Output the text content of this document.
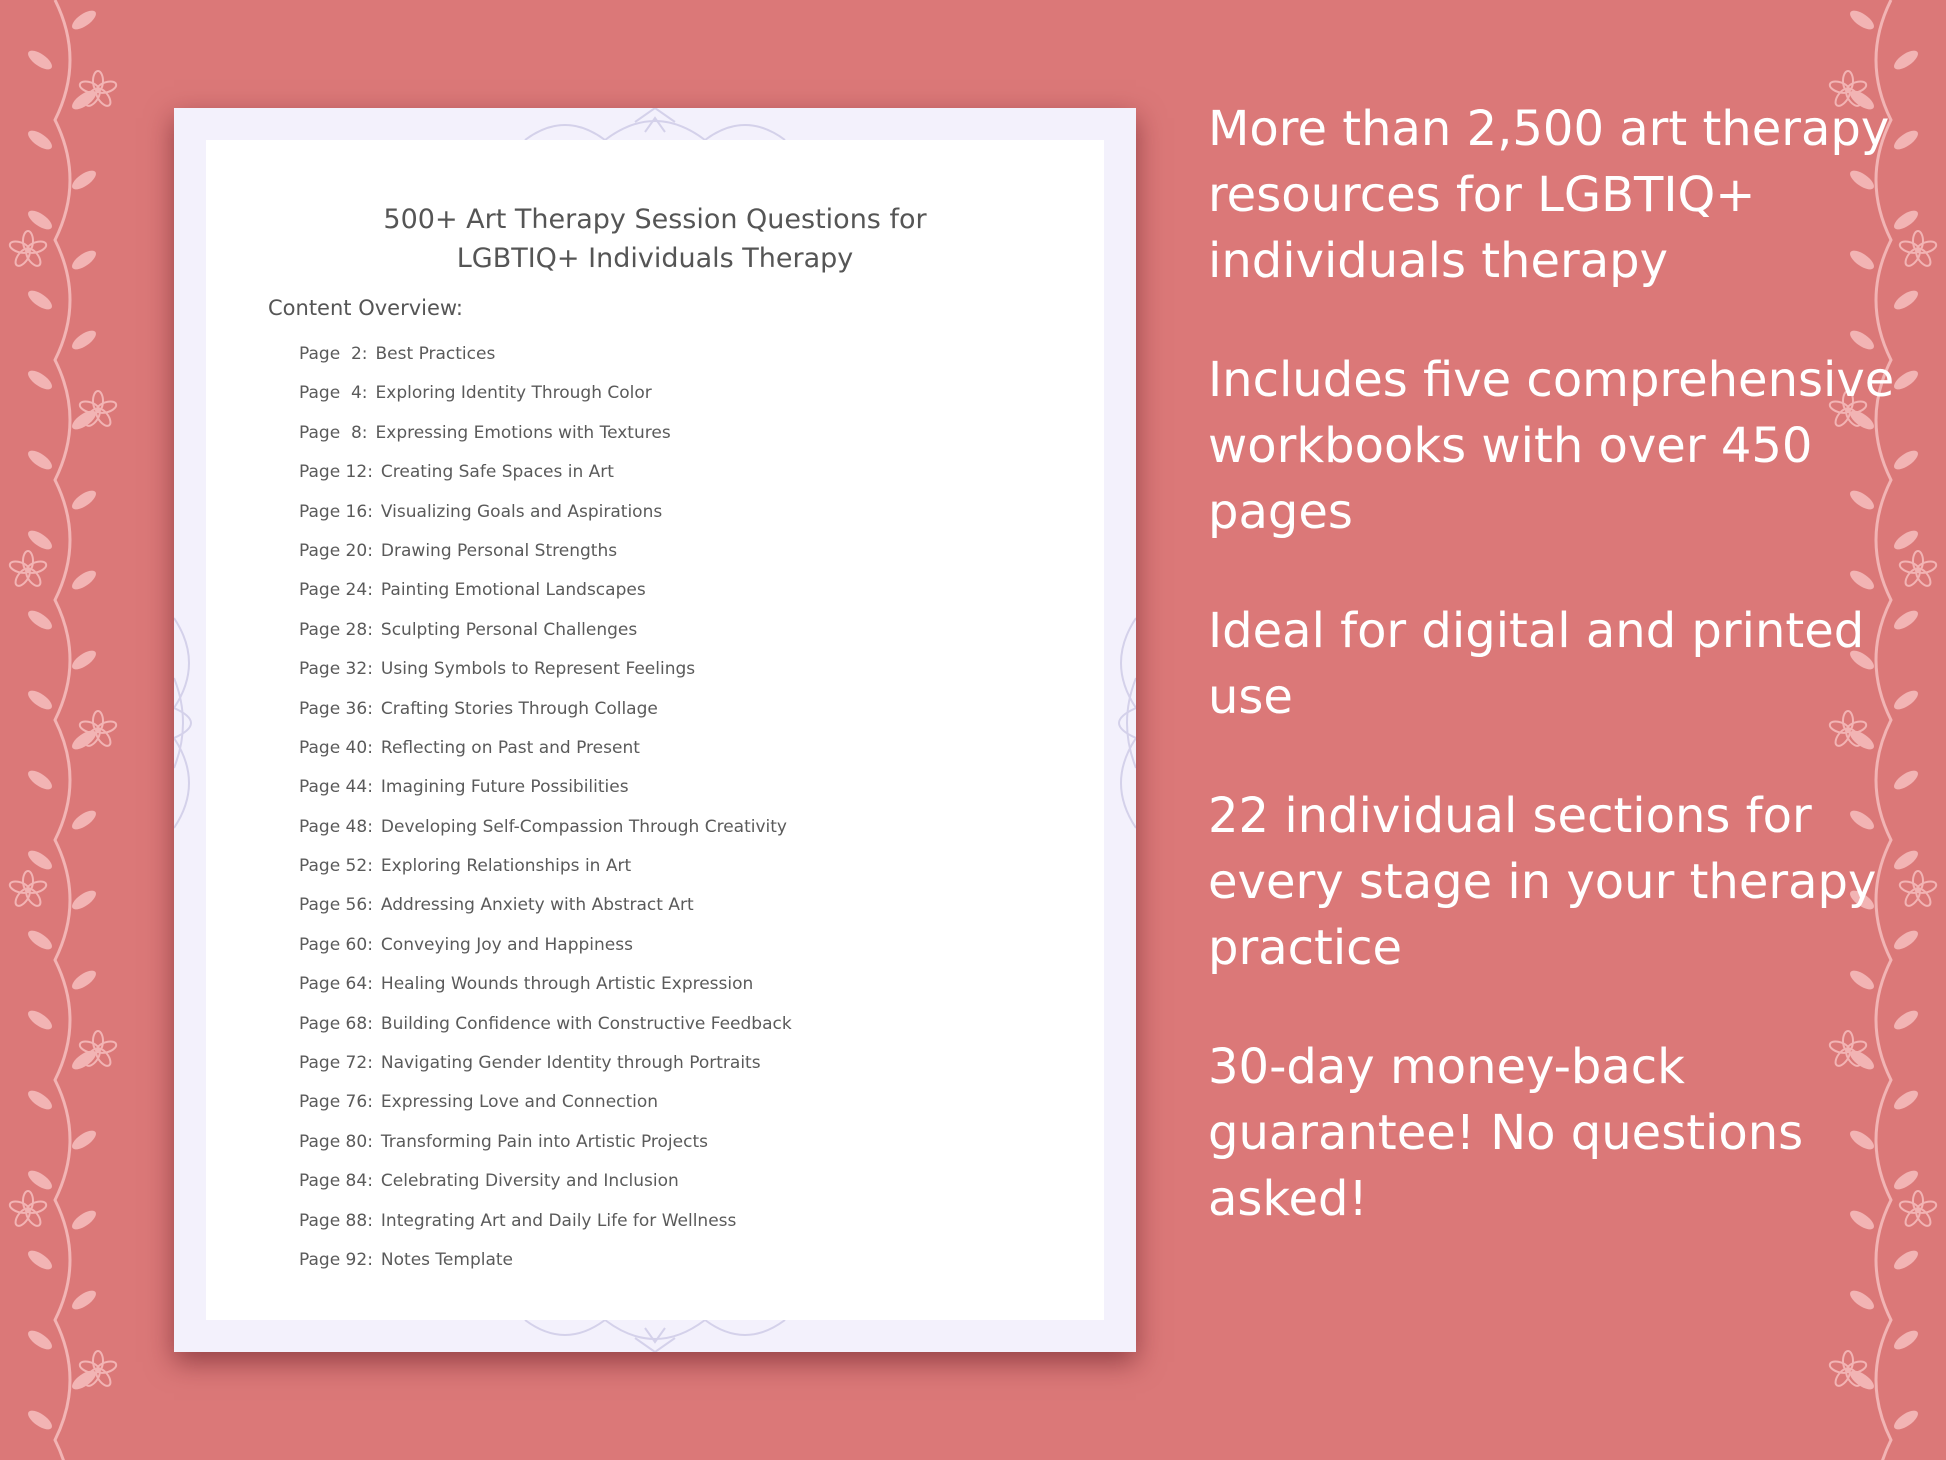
500+ Art Therapy Session Questions for
LGBTIQ+ Individuals Therapy
Content Overview:
Page  2: Best Practices
Page  4: Exploring Identity Through Color
Page  8: Expressing Emotions with Textures
Page 12: Creating Safe Spaces in Art
Page 16: Visualizing Goals and Aspirations
Page 20: Drawing Personal Strengths
Page 24: Painting Emotional Landscapes
Page 28: Sculpting Personal Challenges
Page 32: Using Symbols to Represent Feelings
Page 36: Crafting Stories Through Collage
Page 40: Reflecting on Past and Present
Page 44: Imagining Future Possibilities
Page 48: Developing Self-Compassion Through Creativity
Page 52: Exploring Relationships in Art
Page 56: Addressing Anxiety with Abstract Art
Page 60: Conveying Joy and Happiness
Page 64: Healing Wounds through Artistic Expression
Page 68: Building Confidence with Constructive Feedback
Page 72: Navigating Gender Identity through Portraits
Page 76: Expressing Love and Connection
Page 80: Transforming Pain into Artistic Projects
Page 84: Celebrating Diversity and Inclusion
Page 88: Integrating Art and Daily Life for Wellness
Page 92: Notes Template
More than 2,500 art therapy resources for LGBTIQ+ individuals therapy
Includes five comprehensive workbooks with over 450 pages
Ideal for digital and printed use
22 individual sections for every stage in your therapy practice
30-day money-back guarantee! No questions asked!
